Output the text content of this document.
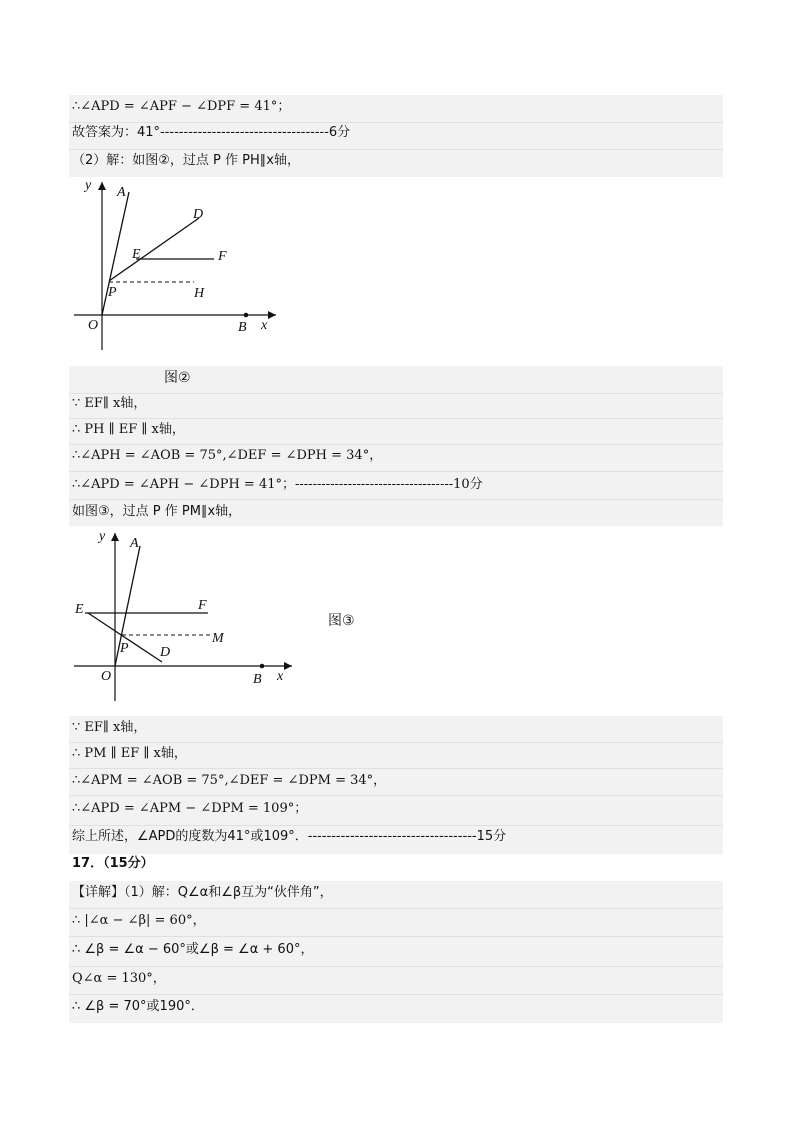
∴∠APD = ∠APF − ∠DPF = 41°；
故答案为：41°------------------------------------6分
（2）解：如图②，过点 P 作 PH∥x轴，
y
x
O
A
D
E	F
P	H
B
图②
∵ EF∥ x轴，
∴ PH ∥ EF ∥ x轴，
∴∠APH = ∠AOB = 75°,∠DEF = ∠DPH = 34°，
∴∠APD = ∠APH − ∠DPH = 41°；------------------------------------10分
如图③，过点 P 作 PM∥x轴，
y
x
O
A
E	F
M
P D
B
图③
∵ EF∥ x轴，
∴ PM ∥ EF ∥ x轴，
∴∠APM = ∠AOB = 75°,∠DEF = ∠DPM = 34°，
∴∠APD = ∠APM − ∠DPM = 109°；
综上所述，∠APD的度数为41°或109°．------------------------------------15分
17．（15分）
【详解】（1）解：Q∠α和∠β互为“伙伴角”，
∴ |∠α − ∠β| = 60°，
∴ ∠β = ∠α − 60°或∠β = ∠α + 60°，
Q∠α = 130°，
∴ ∠β = 70°或190°．
